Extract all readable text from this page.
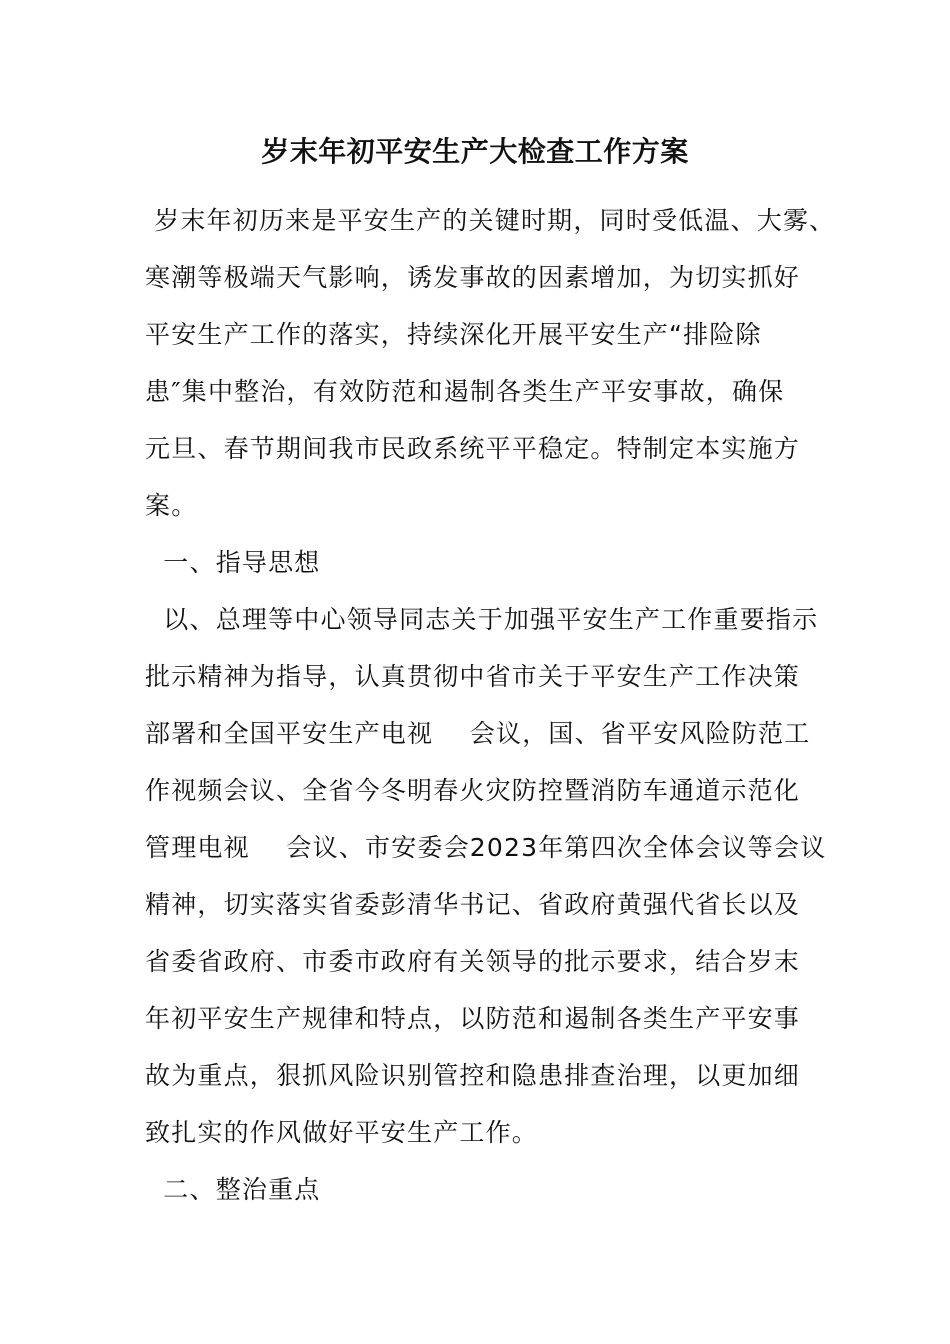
岁末年初平安生产大检查工作方案
岁末年初历来是平安生产的关键时期，同时受低温、大雾、
寒潮等极端天气影响，诱发事故的因素增加，为切实抓好
平安生产工作的落实，持续深化开展平安生产“排险除
患″集中整治，有效防范和遏制各类生产平安事故，确保
元旦、春节期间我市民政系统平平稳定。特制定本实施方
案。
一、指导思想
以、总理等中心领导同志关于加强平安生产工作重要指示
批示精神为指导，认真贯彻中省市关于平安生产工作决策
部署和全国平安生产电视    会议，国、省平安风险防范工
作视频会议、全省今冬明春火灾防控暨消防车通道示范化
管理电视    会议、市安委会2023年第四次全体会议等会议
精神，切实落实省委彭清华书记、省政府黄强代省长以及
省委省政府、市委市政府有关领导的批示要求，结合岁末
年初平安生产规律和特点，以防范和遏制各类生产平安事
故为重点，狠抓风险识别管控和隐患排查治理，以更加细
致扎实的作风做好平安生产工作。
二、整治重点
